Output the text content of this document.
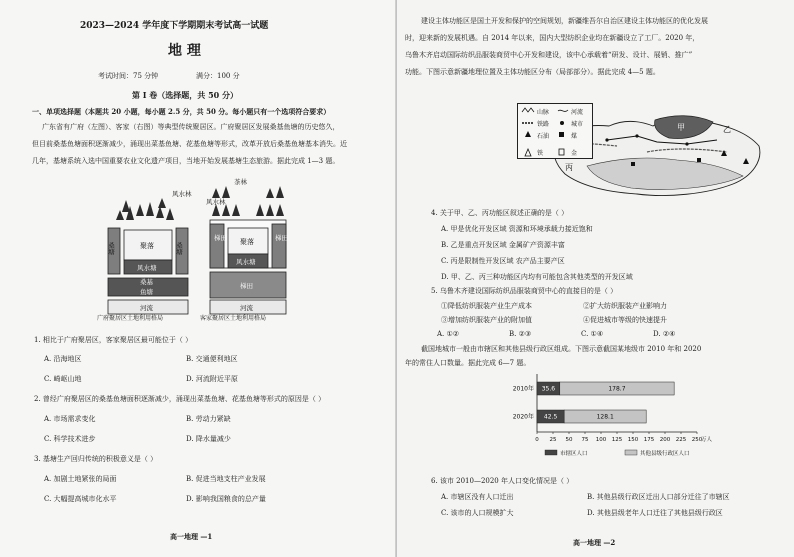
2023—2024 学年度下学期期末考试高一试题
地 理
考试时间：75 分钟	满分：100 分
第 Ⅰ 卷（选择题，共 50 分）
一、单项选择题（本题共 20 小题，每小题 2.5 分，共 50 分。每小题只有一个选项符合要求）
广东省有广府（左图）、客家（右图）等典型传统聚居区。广府聚居区发展桑基鱼塘的历史悠久，
但目前桑基鱼塘面积逐渐减少，涌现出菜基鱼塘、花基鱼塘等形式，改革开放后桑基鱼塘基本消失。近
几年，基塘系统入选中国重要农业文化遗产项目，当地开始发展基塘生态旅游。据此完成 1—3 题。
风水林
桑塘	桑塘
聚落
风水塘
桑基
鱼塘
河流
广府聚居区土地利用格局
茶林
风水林
梯田	梯田
聚落
风水塘
梯田
河流
客家聚居区土地利用格局
1. 相比于广府聚居区，客家聚居区最可能位于（ ）
A. 沿海地区	B. 交通便利地区
C. 崎岖山地	D. 河流附近平原
2. 曾经广府聚居区的桑基鱼塘面积逐渐减少，涌现出菜基鱼塘、花基鱼塘等形式的原因是（ ）
A. 市场需求变化	B. 劳动力紧缺
C. 科学技术进步	D. 降水量减少
3. 基塘生产回归传统的积极意义是（ ）
A. 加剧土地紧张的局面	B. 促进当地支柱产业发展
C. 大幅提高城市化水平	D. 影响我国粮食的总产量
高一地理 —1
建设主体功能区是国土开发和保护的空间规划，新疆维吾尔自治区建设主体功能区的优化发展
时，迎来新的发展机遇。自 2014 年以来，国内大型纺织企业均在新疆设立了工厂。2020 年，
乌鲁木齐启动国际纺织品服装商贸中心开发和建设，该中心承载着“研发、设计、展销、推广”
功能。下图示意新疆地理位置及主体功能区分布（局部部分）。据此完成 4—5 题。
甲	乙
丙
山脉	河流
铁路	城市
石油	煤
铁	金
4. 关于甲、乙、丙功能区叙述正确的是（ ）
A. 甲是优化开发区域 资源和环境承载力接近饱和
B. 乙是重点开发区域 金属矿产资源丰富
C. 丙是限制性开发区域 农产品主要产区
D. 甲、乙、丙三种功能区内均有可能包含其他类型的开发区域
5. 乌鲁木齐建设国际纺织品服装商贸中心的直接目的是（ ）
①降低纺织服装产业生产成本	②扩大纺织服装产业影响力
③增加纺织服装产业的附加值	④促进城市等级的快速提升
A. ①②	B. ②③	C. ①④	D. ②④
截国地城市一般由市辖区和其他县级行政区组成。下图示意截国某地级市 2010 年和 2020
年的常住人口数量。据此完成 6—7 题。
0 25 50 75 100 125 150 175 200 225 250
万人
2010年 35.6	178.7
2020年 42.5	128.1
市辖区人口	其他县级行政区人口
6. 该市 2010—2020 年人口变化情况是（ ）
A. 市辖区没有人口迁出	B. 其他县级行政区迁出人口部分迁往了市辖区
C. 该市的人口规模扩大	D. 其他县级老年人口迁往了其他县级行政区
高一地理 —2
